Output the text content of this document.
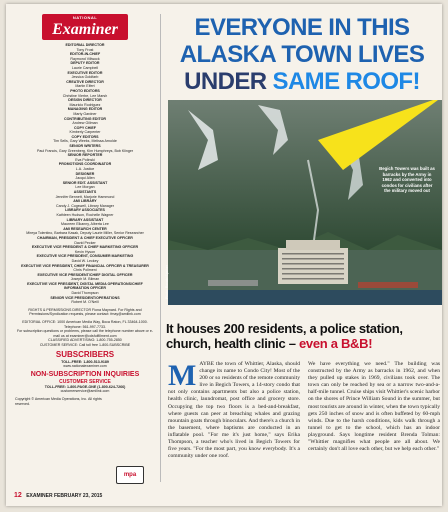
NATIONAL
Examiner

EDITORIAL DIRECTOR
Tony Frost

EDITOR-IN-CHIEF
Raymond Villwock

DEPUTY EDITOR
Laurie Campbell

EXECUTIVE EDITOR
Jessica Goldfarb

CREATIVE DIRECTOR
Martin Elfert

PHOTO EDITORS
Christine Vierbe, Lee Marsh

DESIGN DIRECTOR
Mauricio Rodriguez

MANAGING EDITOR
Marty Gardner

CONTRIBUTING EDITOR
Andrew Gillman

COPY CHIEF
Kimberly Carpenter

COPY EDITORS
Tim Sells, Gary Weeks, Melissa Arnolde

SENIOR WRITERS
Paul Francis, Gary Greenberg, Kim Humphreys, Bob Klinger

SENIOR REPORTER
Eva Polinski

PROMOTIONS COORDINATOR
L.A. Justice

DESIGNER
Jacqui Allen

SENIOR EDIT. ASSISTANT
Lee Morgan

ASSISTANTS
Jennifer Bennett, Marjorie Hammond

AMI LIBRARY
Candy J. Cogswell, Library Manager

LIBRARY ASSOCIATES
Kathleen Hudson, Rochelle Wagner

LIBRARY ASSISTANT
Maureen Elkanny, Alberta Lee

AMI RESEARCH CENTER
Mireya Tolentino, Barbara Kasak, Deputy Laurie Miller, Senior Researcher

CHAIRMAN, PRESIDENT & CHIEF EXECUTIVE OFFICER
David Pecker

EXECUTIVE VICE PRESIDENT & CHIEF MARKETING OFFICER
Kevin Hyson

EXECUTIVE VICE PRESIDENT, CONSUMER MARKETING
David W. Leckey

EXECUTIVE VICE PRESIDENT, CHIEF FINANCIAL OFFICER & TREASURER
Chris Polimeni

EXECUTIVE VICE PRESIDENT/CHIEF DIGITAL OFFICER
Joseph M. Bilman

EXECUTIVE VICE PRESIDENT, DIGITAL MEDIA OPERATIONS/CHIEF INFORMATION OFFICER
David Thompson

SENIOR VICE PRESIDENT/OPERATIONS
Robert M. O'Neill

RIGHTS & PERMISSIONS DIRECTOR Fiona Maynard. For Rights and Permissions/Syndication requests, please contact: fmay@amilink.com

EDITORIAL OFFICE: 1000 American Media Way, Boca Raton, FL 33464-1000. Telephone: 561-997-7733.

For subscription questions or problems, please call the telephone number above or e-mail us at examiner@cdsfulfillment.com

CLASSIFIED ADVERTISING: 1-800-755-2850

CUSTOMER SERVICE: Call toll free 1-800-SUBSCRIBE

SUBSCRIBERS

TOLL-FREE: 1-800-513-9189

www.nationalexaminer.com

NON-SUBSCRIPTION INQUIRIES

CUSTOMER SERVICE

TOLL-FREE: 1-800-PAGE-ONE (1-800-624-7266)

customerservice@amilink.com

Copyright © American Media Operations, Inc. All rights reserved.

mpa
EVERYONE IN THIS
ALASKA TOWN LIVES
UNDER SAME ROOF!
Begich Towers was built as barracks by the Army in 1962 and converted into condos for civilians after the military moved out
Photo: Ronald Spicher
It houses 200 residents, a police station, church, health clinic – even a B&B!
M AYBE the town of Whittier, Alaska, should change its name to Condo City! Most of the 200 or so residents of the remote community live in Begich Towers, a 14-story condo that not only contains apartments but also a police station, health clinic, laundromat, post office and grocery store. Occupying the top two floors is a bed-and-breakfast, where guests can peer at breaching whales and grazing mountain goats through binoculars. And there's a church in the basement, where baptisms are conducted in an inflatable pool. "For me it's just home," says Erika Thompson, a teacher who's lived in Begich Towers for five years. "For the most part, you know everybody. It's a community under one roof.

We have everything we need." The building was constructed by the Army as barracks in 1962, and when they pulled up stakes in 1969, civilians took over. The town can only be reached by sea or a narrow two-and-a-half-mile tunnel. Cruise ships visit Whittier's scenic harbor on the shores of Prince William Sound in the summer, but most tourists are around in winter, when the town typically gets 250 inches of snow and is often buffeted by 60-mph winds. Due to the harsh conditions, kids walk through a tunnel to get to the school, which has an indoor playground. Says longtime resident Brenda Tolman: "Whittier magnifies what people are all about. We certainly don't all love each other, but we help each other."

12 EXAMINER FEBRUARY 23, 2015
